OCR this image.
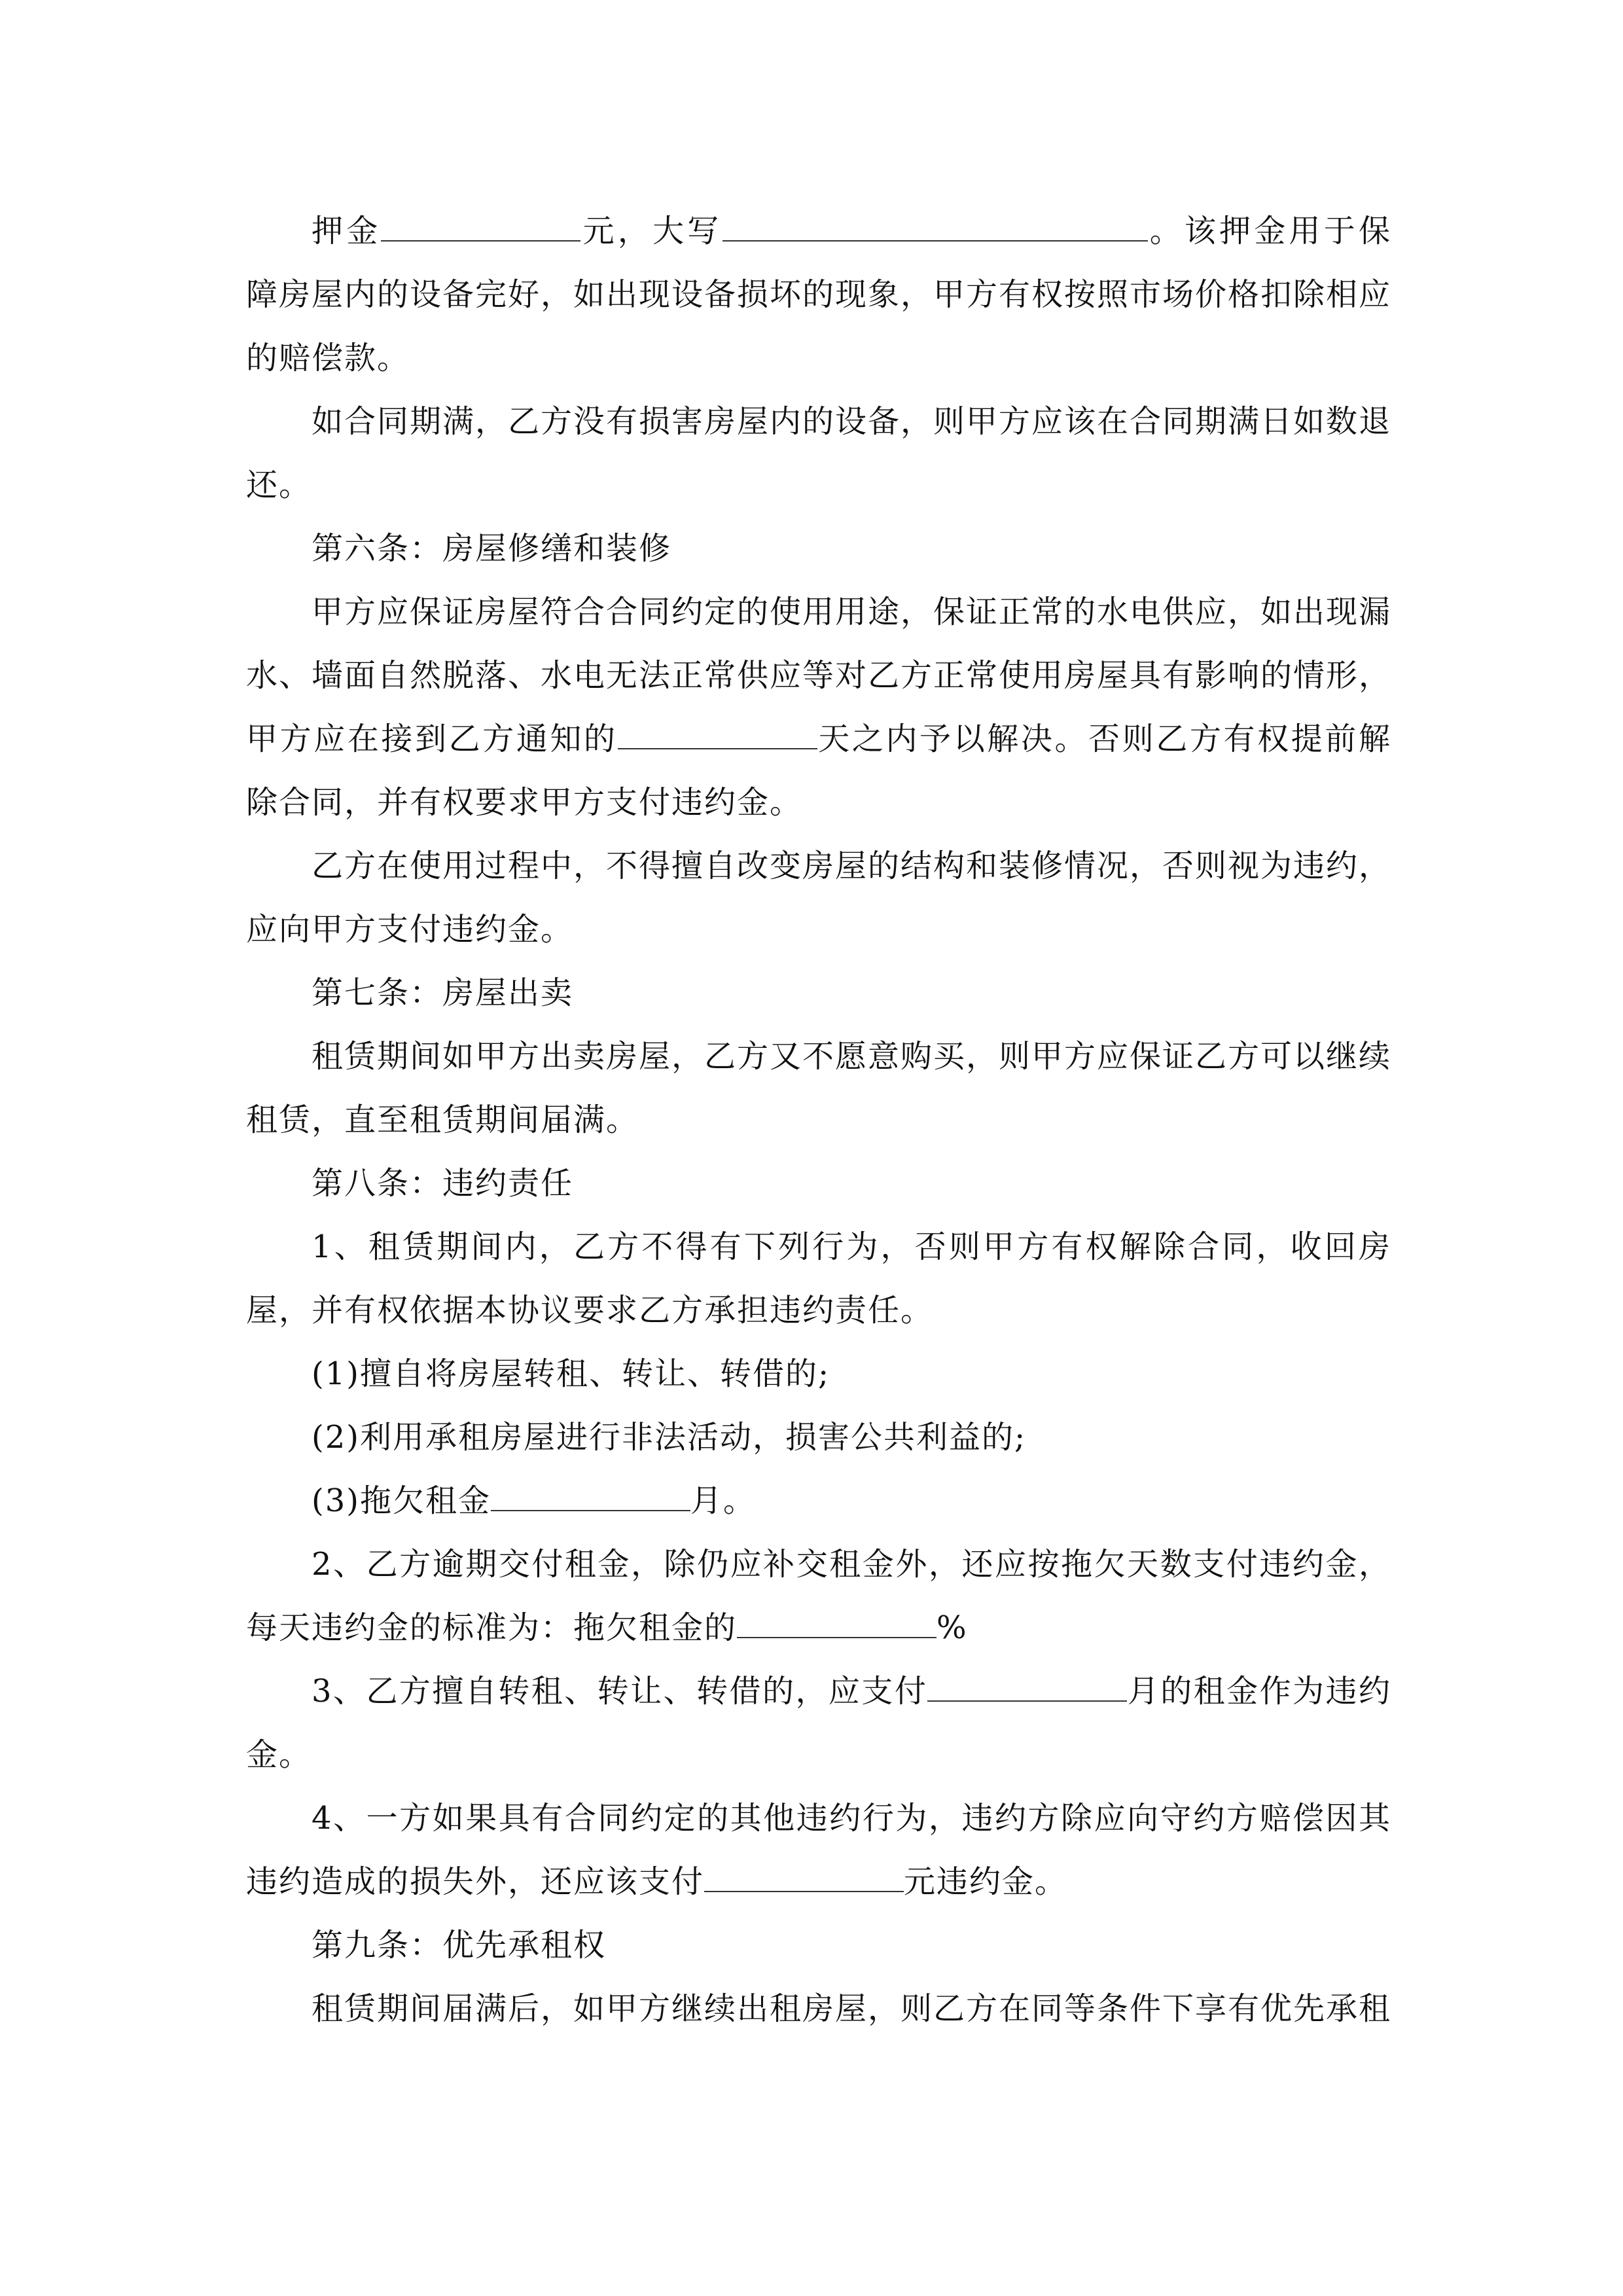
押金	元，大写	。该押金用于保障房屋内的设备完好，如出现设备损坏的现象，甲方有权按照市场价格扣除相应的赔偿款。

如合同期满，乙方没有损害房屋内的设备，则甲方应该在合同期满日如数退还。

第六条：房屋修缮和装修

甲方应保证房屋符合合同约定的使用用途，保证正常的水电供应，如出现漏水、墙面自然脱落、水电无法正常供应等对乙方正常使用房屋具有影响的情形，甲方应在接到乙方通知的	天之内予以解决。否则乙方有权提前解除合同，并有权要求甲方支付违约金。

乙方在使用过程中，不得擅自改变房屋的结构和装修情况，否则视为违约，应向甲方支付违约金。

第七条：房屋出卖

租赁期间如甲方出卖房屋，乙方又不愿意购买，则甲方应保证乙方可以继续租赁，直至租赁期间届满。

第八条：违约责任

1、租赁期间内，乙方不得有下列行为，否则甲方有权解除合同，收回房屋，并有权依据本协议要求乙方承担违约责任。

(1)擅自将房屋转租、转让、转借的;

(2)利用承租房屋进行非法活动，损害公共利益的;

(3)拖欠租金	月。

2、乙方逾期交付租金，除仍应补交租金外，还应按拖欠天数支付违约金，每天违约金的标准为：拖欠租金的	%

3、乙方擅自转租、转让、转借的，应支付	月的租金作为违约金。

4、一方如果具有合同约定的其他违约行为，违约方除应向守约方赔偿因其违约造成的损失外，还应该支付	元违约金。

第九条：优先承租权

租赁期间届满后，如甲方继续出租房屋，则乙方在同等条件下享有优先承租
